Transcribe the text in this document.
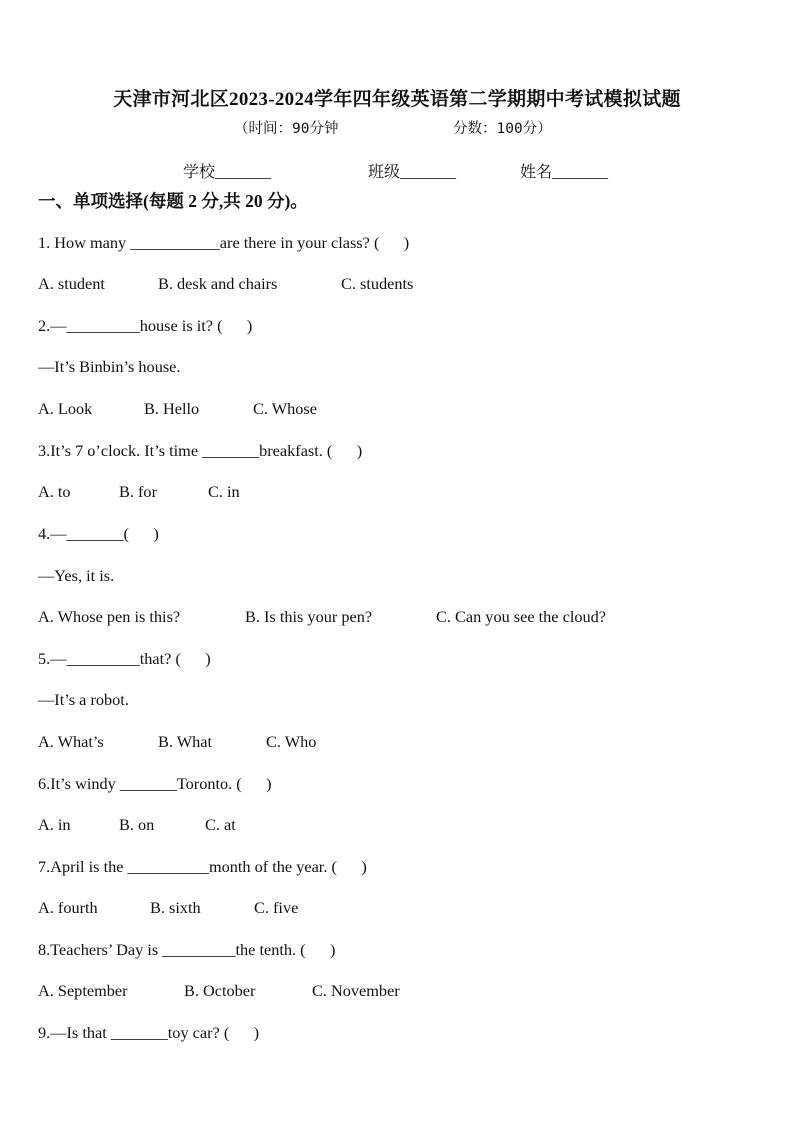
天津市河北区2023-2024学年四年级英语第二学期期中考试模拟试题
（时间：90分钟	分数：100分）
学校_______	班级_______	姓名_______
一、单项选择(每题 2 分,共 20 分)。
1. How many ___________are there in your class? (      )
A. student	B. desk and chairs	C. students
2.—_________house is it? (      )
—It’s Binbin’s house.
A. Look	B. Hello	C. Whose
3.It’s 7 o’clock. It’s time _______breakfast. (      )
A. to	B. for	C. in
4.—_______(      )
—Yes, it is.
A. Whose pen is this?	B. Is this your pen?	C. Can you see the cloud?
5.—_________that? (      )
—It’s a robot.
A. What’s	B. What	C. Who
6.It’s windy _______Toronto. (      )
A. in	B. on	C. at
7.April is the __________month of the year. (      )
A. fourth	B. sixth	C. five
8.Teachers’ Day is _________the tenth. (      )
A. September	B. October	C. November
9.—Is that _______toy car? (      )
